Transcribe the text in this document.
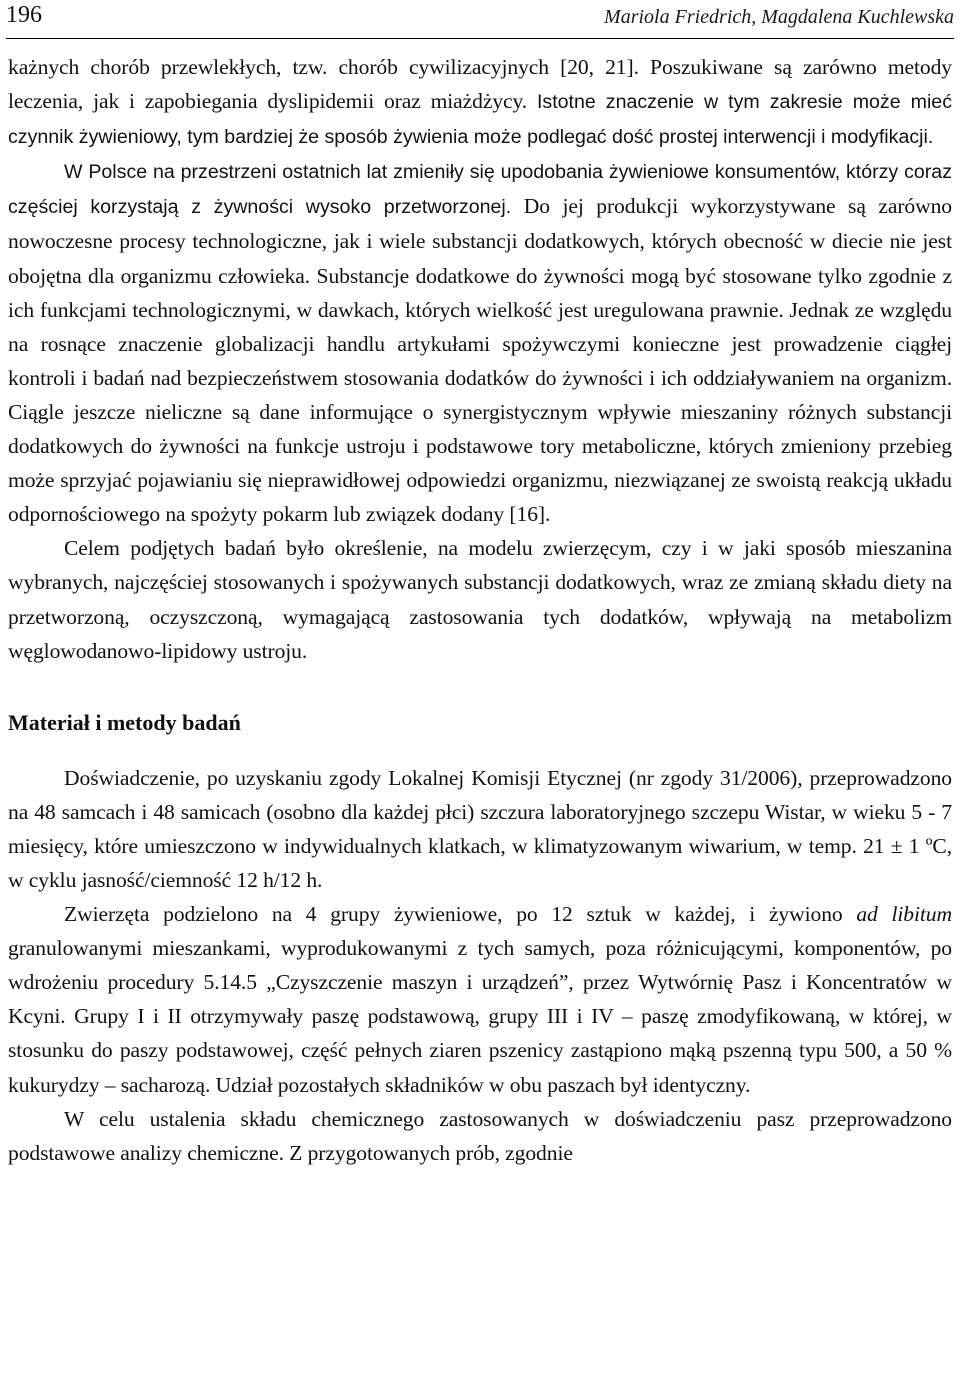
196	Mariola Friedrich, Magdalena Kuchlewska

każnych chorób przewlekłych, tzw. chorób cywilizacyjnych [20, 21]. Poszukiwane są zarówno metody leczenia, jak i zapobiegania dyslipidemii oraz miażdżycy. Istotne znaczenie w tym zakresie może mieć czynnik żywieniowy, tym bardziej że sposób żywienia może podlegać dość prostej interwencji i modyfikacji.

W Polsce na przestrzeni ostatnich lat zmieniły się upodobania żywieniowe konsumentów, którzy coraz częściej korzystają z żywności wysoko przetworzonej. Do jej produkcji wykorzystywane są zarówno nowoczesne procesy technologiczne, jak i wiele substancji dodatkowych, których obecność w diecie nie jest obojętna dla organizmu człowieka. Substancje dodatkowe do żywności mogą być stosowane tylko zgodnie z ich funkcjami technologicznymi, w dawkach, których wielkość jest uregulowana prawnie. Jednak ze względu na rosnące znaczenie globalizacji handlu artykułami spożywczymi konieczne jest prowadzenie ciągłej kontroli i badań nad bezpieczeństwem stosowania dodatków do żywności i ich oddziaływaniem na organizm. Ciągle jeszcze nieliczne są dane informujące o synergistycznym wpływie mieszaniny różnych substancji dodatkowych do żywności na funkcje ustroju i podstawowe tory metaboliczne, których zmieniony przebieg może sprzyjać pojawianiu się nieprawidłowej odpowiedzi organizmu, niezwiązanej ze swoistą reakcją układu odpornościowego na spożyty pokarm lub związek dodany [16].

Celem podjętych badań było określenie, na modelu zwierzęcym, czy i w jaki sposób mieszanina wybranych, najczęściej stosowanych i spożywanych substancji dodatkowych, wraz ze zmianą składu diety na przetworzoną, oczyszczoną, wymagającą zastosowania tych dodatków, wpływają na metabolizm węglowodanowo-lipidowy ustroju.

Materiał i metody badań

Doświadczenie, po uzyskaniu zgody Lokalnej Komisji Etycznej (nr zgody 31/2006), przeprowadzono na 48 samcach i 48 samicach (osobno dla każdej płci) szczura laboratoryjnego szczepu Wistar, w wieku 5 - 7 miesięcy, które umieszczono w indywidualnych klatkach, w klimatyzowanym wiwarium, w temp. 21 ± 1 ºC, w cyklu jasność/ciemność 12 h/12 h.

Zwierzęta podzielono na 4 grupy żywieniowe, po 12 sztuk w każdej, i żywiono ad libitum granulowanymi mieszankami, wyprodukowanymi z tych samych, poza różnicującymi, komponentów, po wdrożeniu procedury 5.14.5 „Czyszczenie maszyn i urządzeń”, przez Wytwórnię Pasz i Koncentratów w Kcyni. Grupy I i II otrzymywały paszę podstawową, grupy III i IV – paszę zmodyfikowaną, w której, w stosunku do paszy podstawowej, część pełnych ziaren pszenicy zastąpiono mąką pszenną typu 500, a 50 % kukurydzy – sacharozą. Udział pozostałych składników w obu paszach był identyczny.

W celu ustalenia składu chemicznego zastosowanych w doświadczeniu pasz przeprowadzono podstawowe analizy chemiczne. Z przygotowanych prób, zgodnie
